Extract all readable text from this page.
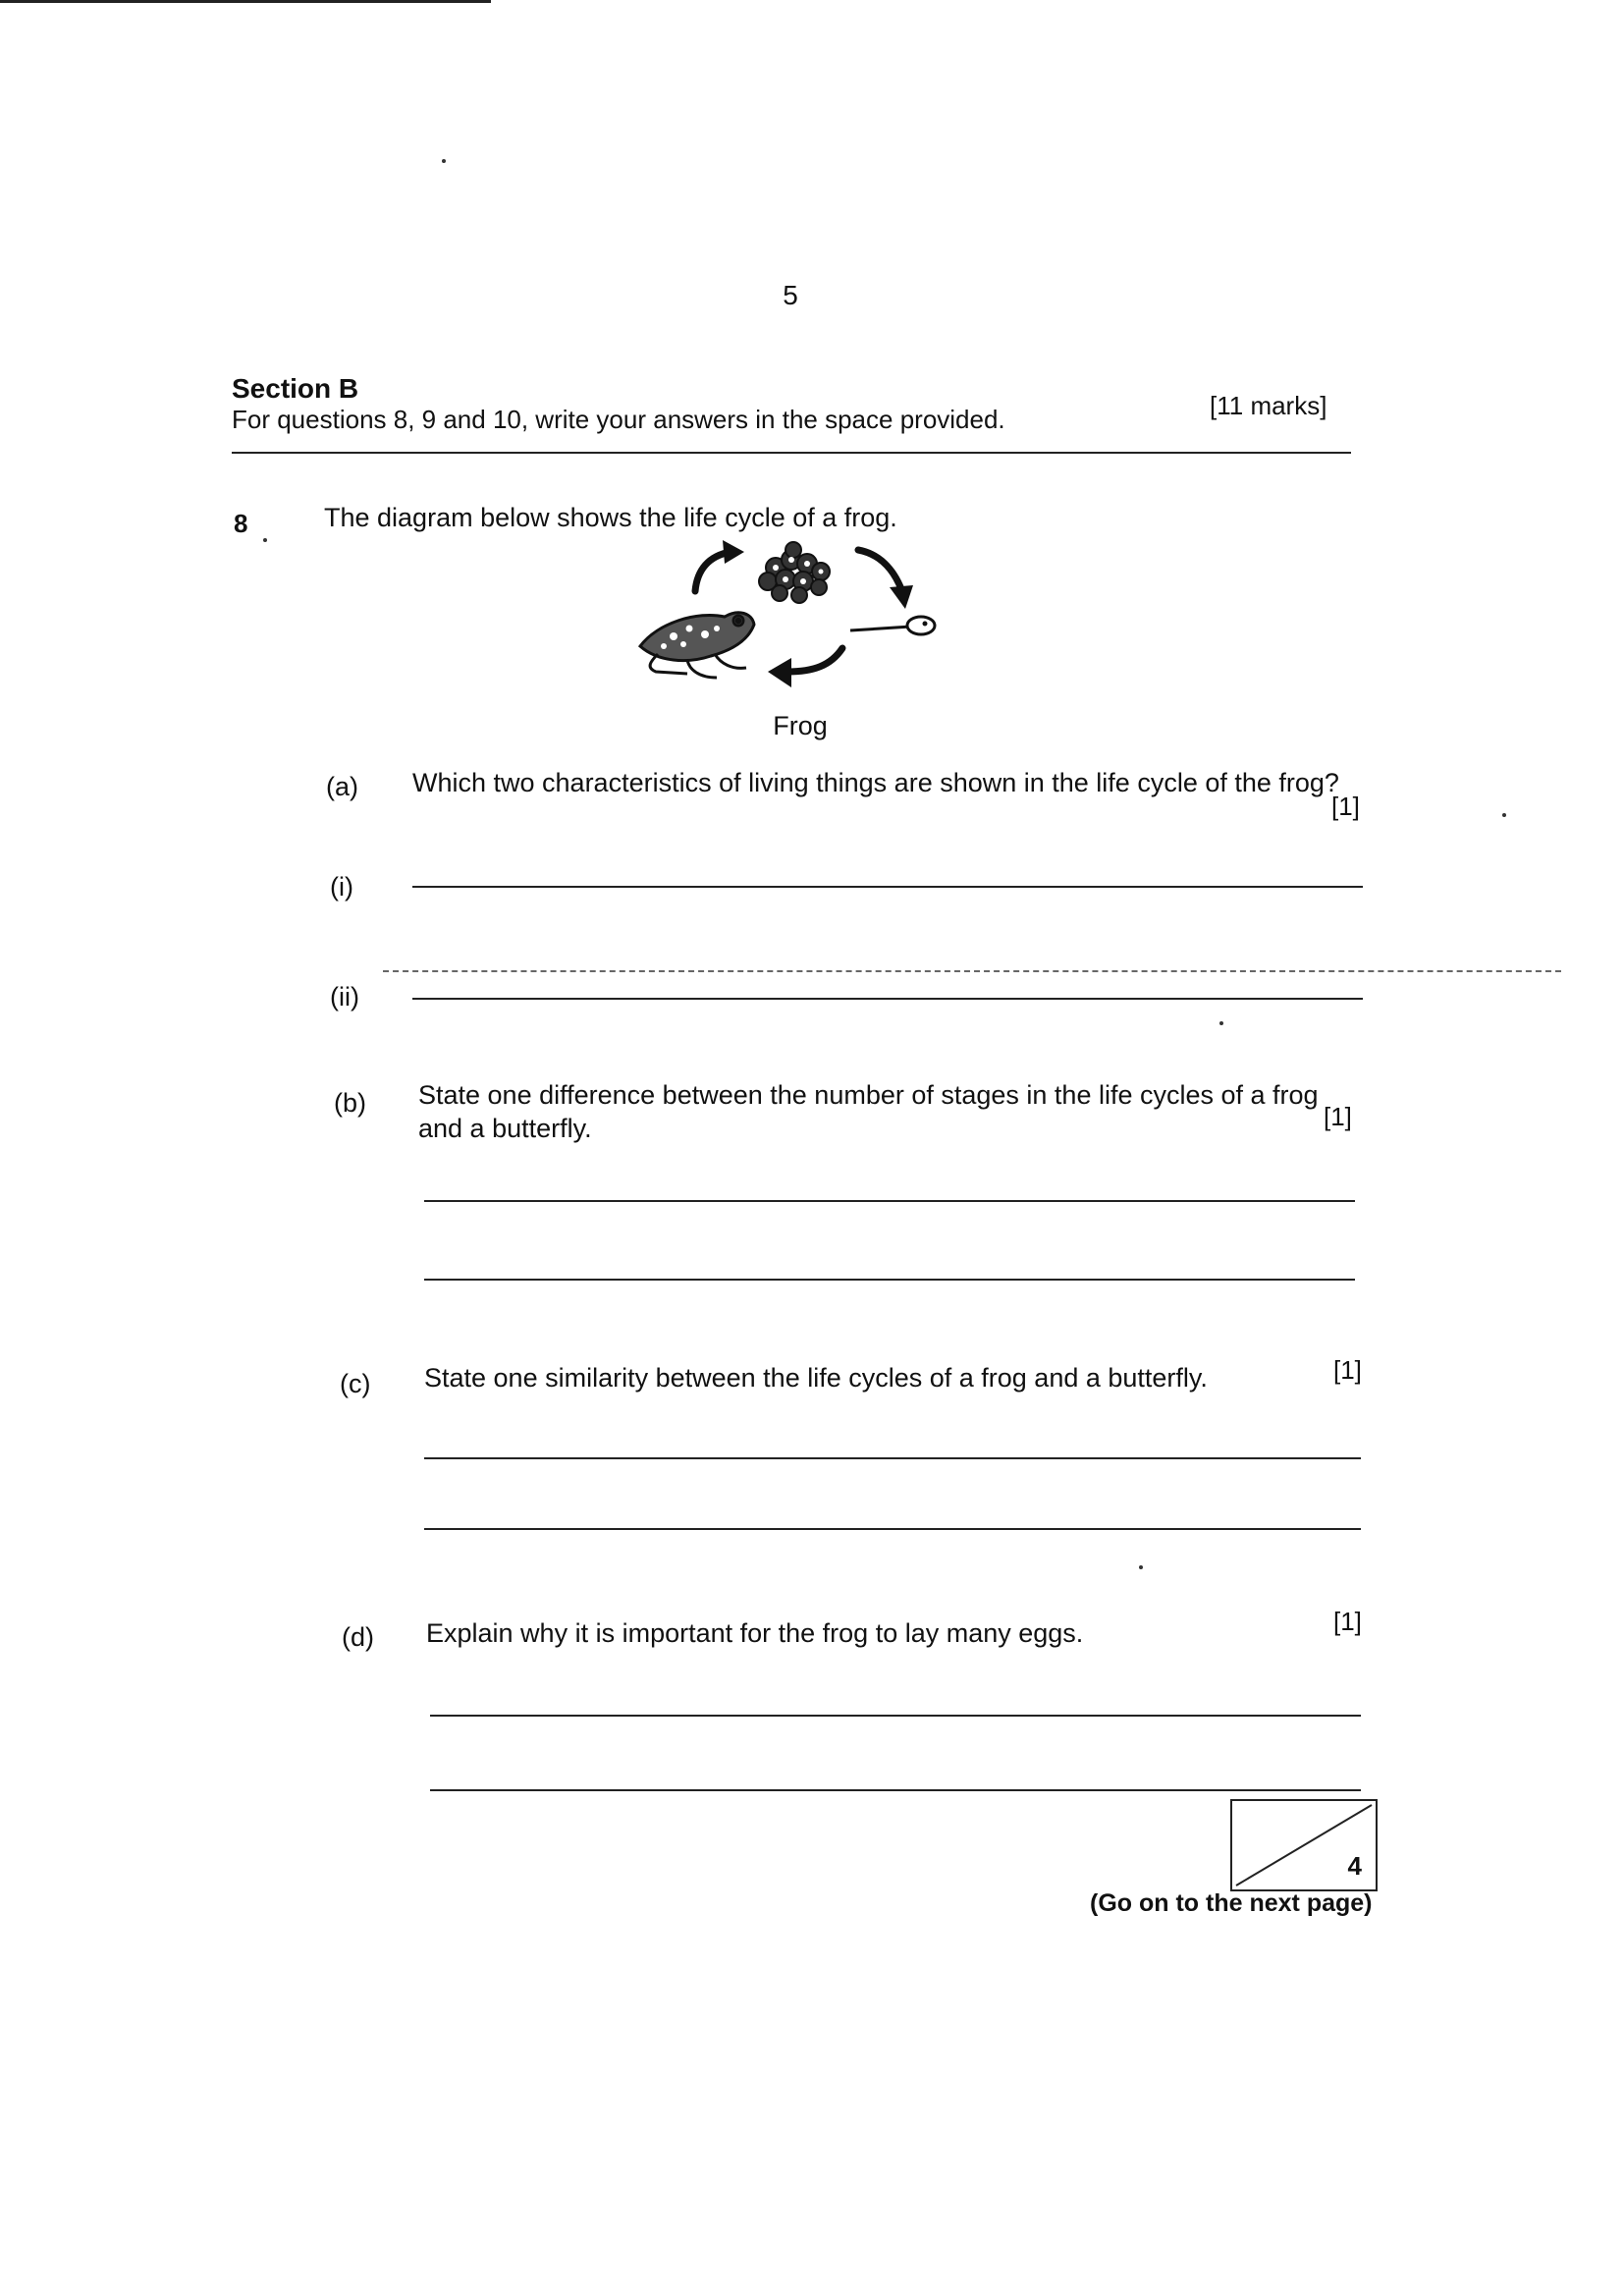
5
Section B
For questions 8, 9 and 10, write your answers in the space provided.	[11 marks]
8	The diagram below shows the life cycle of a frog.
Frog
(a) Which two characteristics of living things are shown in the life cycle of the frog?
[1]
(i)
(ii)
(b) State one difference between the number of stages in the life cycles of a frog and a butterfly.	[1]
(c) State one similarity between the life cycles of a frog and a butterfly.	[1]
(d) Explain why it is important for the frog to lay many eggs.	[1]
4
(Go on to the next page)
